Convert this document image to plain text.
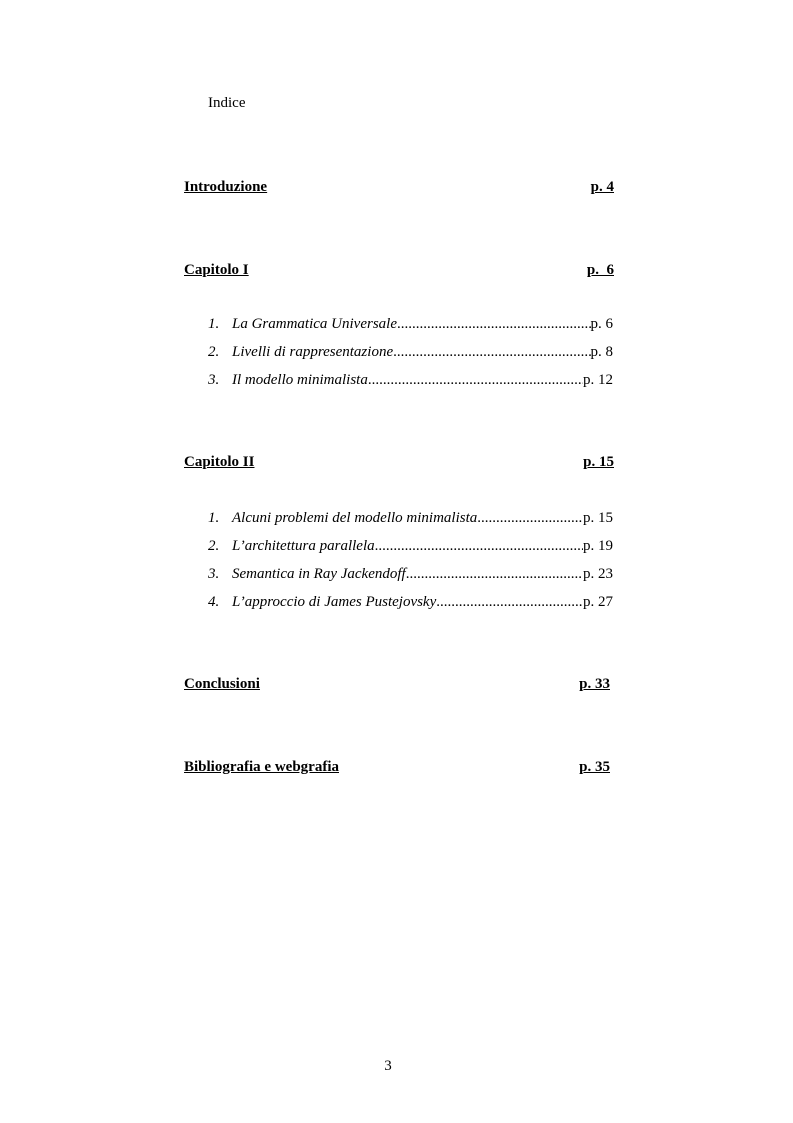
Indice
Introduzione	p. 4
Capitolo I	p.  6
1. La Grammatica Universale .....	p. 6
2. Livelli di rappresentazione .....	p. 8
3. Il modello minimalista .....	p. 12
Capitolo II	p. 15
1. Alcuni problemi del modello minimalista .....	p. 15
2. L’architettura parallela .....	p. 19
3. Semantica in Ray Jackendoff .....	p. 23
4. L’approccio di James Pustejovsky .....	p. 27
Conclusioni	p. 33
Bibliografia e webgrafia	p. 35
3
